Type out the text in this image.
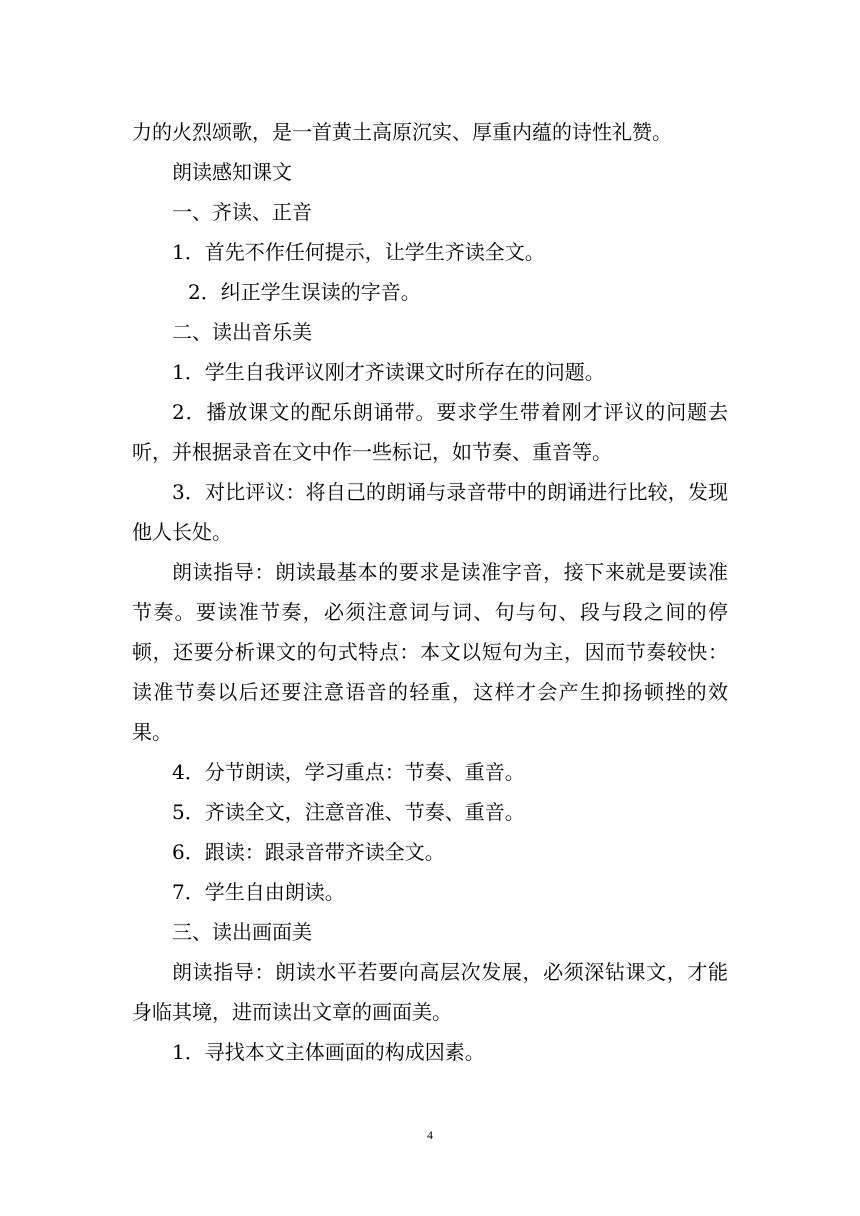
力的火烈颂歌，是一首黄土高原沉实、厚重内蕴的诗性礼赞。

朗读感知课文

一、齐读、正音

1．首先不作任何提示，让学生齐读全文。

2．纠正学生误读的字音。

二、读出音乐美

1．学生自我评议刚才齐读课文时所存在的问题。

2．播放课文的配乐朗诵带。要求学生带着刚才评议的问题去听，并根据录音在文中作一些标记，如节奏、重音等。

3．对比评议：将自己的朗诵与录音带中的朗诵进行比较，发现他人长处。

朗读指导：朗读最基本的要求是读准字音，接下来就是要读准节奏。要读准节奏，必须注意词与词、句与句、段与段之间的停顿，还要分析课文的句式特点：本文以短句为主，因而节奏较快：读准节奏以后还要注意语音的轻重，这样才会产生抑扬顿挫的效

果。

4．分节朗读，学习重点：节奏、重音。

5．齐读全文，注意音准、节奏、重音。

6．跟读：跟录音带齐读全文。

7．学生自由朗读。

三、读出画面美

朗读指导：朗读水平若要向高层次发展，必须深钻课文，才能身临其境，进而读出文章的画面美。

1．寻找本文主体画面的构成因素。

4
